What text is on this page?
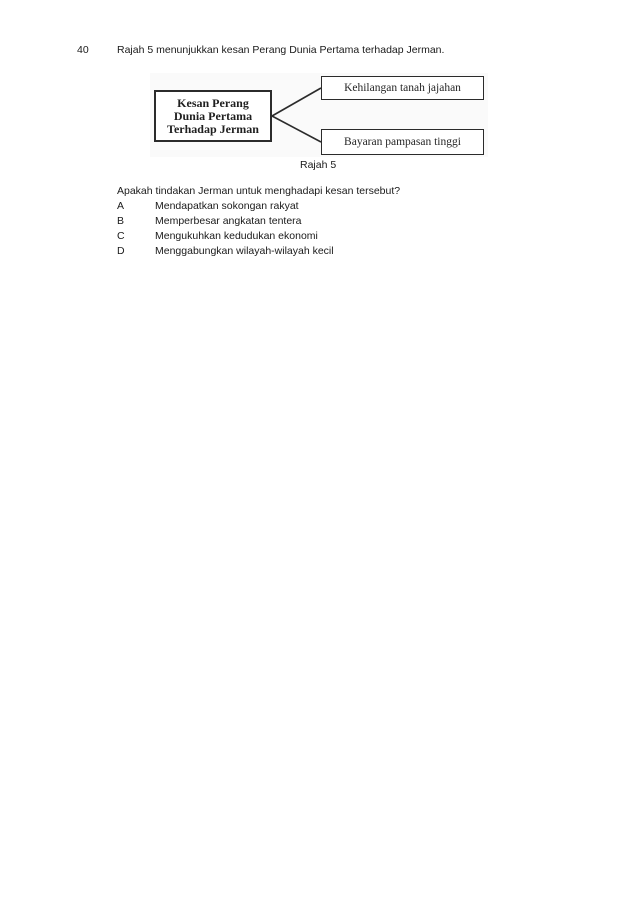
40	Rajah 5 menunjukkan kesan Perang Dunia Pertama terhadap Jerman.
Kesan Perang
Dunia Pertama
Terhadap Jerman
Kehilangan tanah jajahan
Bayaran pampasan tinggi
Rajah 5
Apakah tindakan Jerman untuk menghadapi kesan tersebut?
A	Mendapatkan sokongan rakyat
B	Memperbesar angkatan tentera
C	Mengukuhkan kedudukan ekonomi
D	Menggabungkan wilayah-wilayah kecil
